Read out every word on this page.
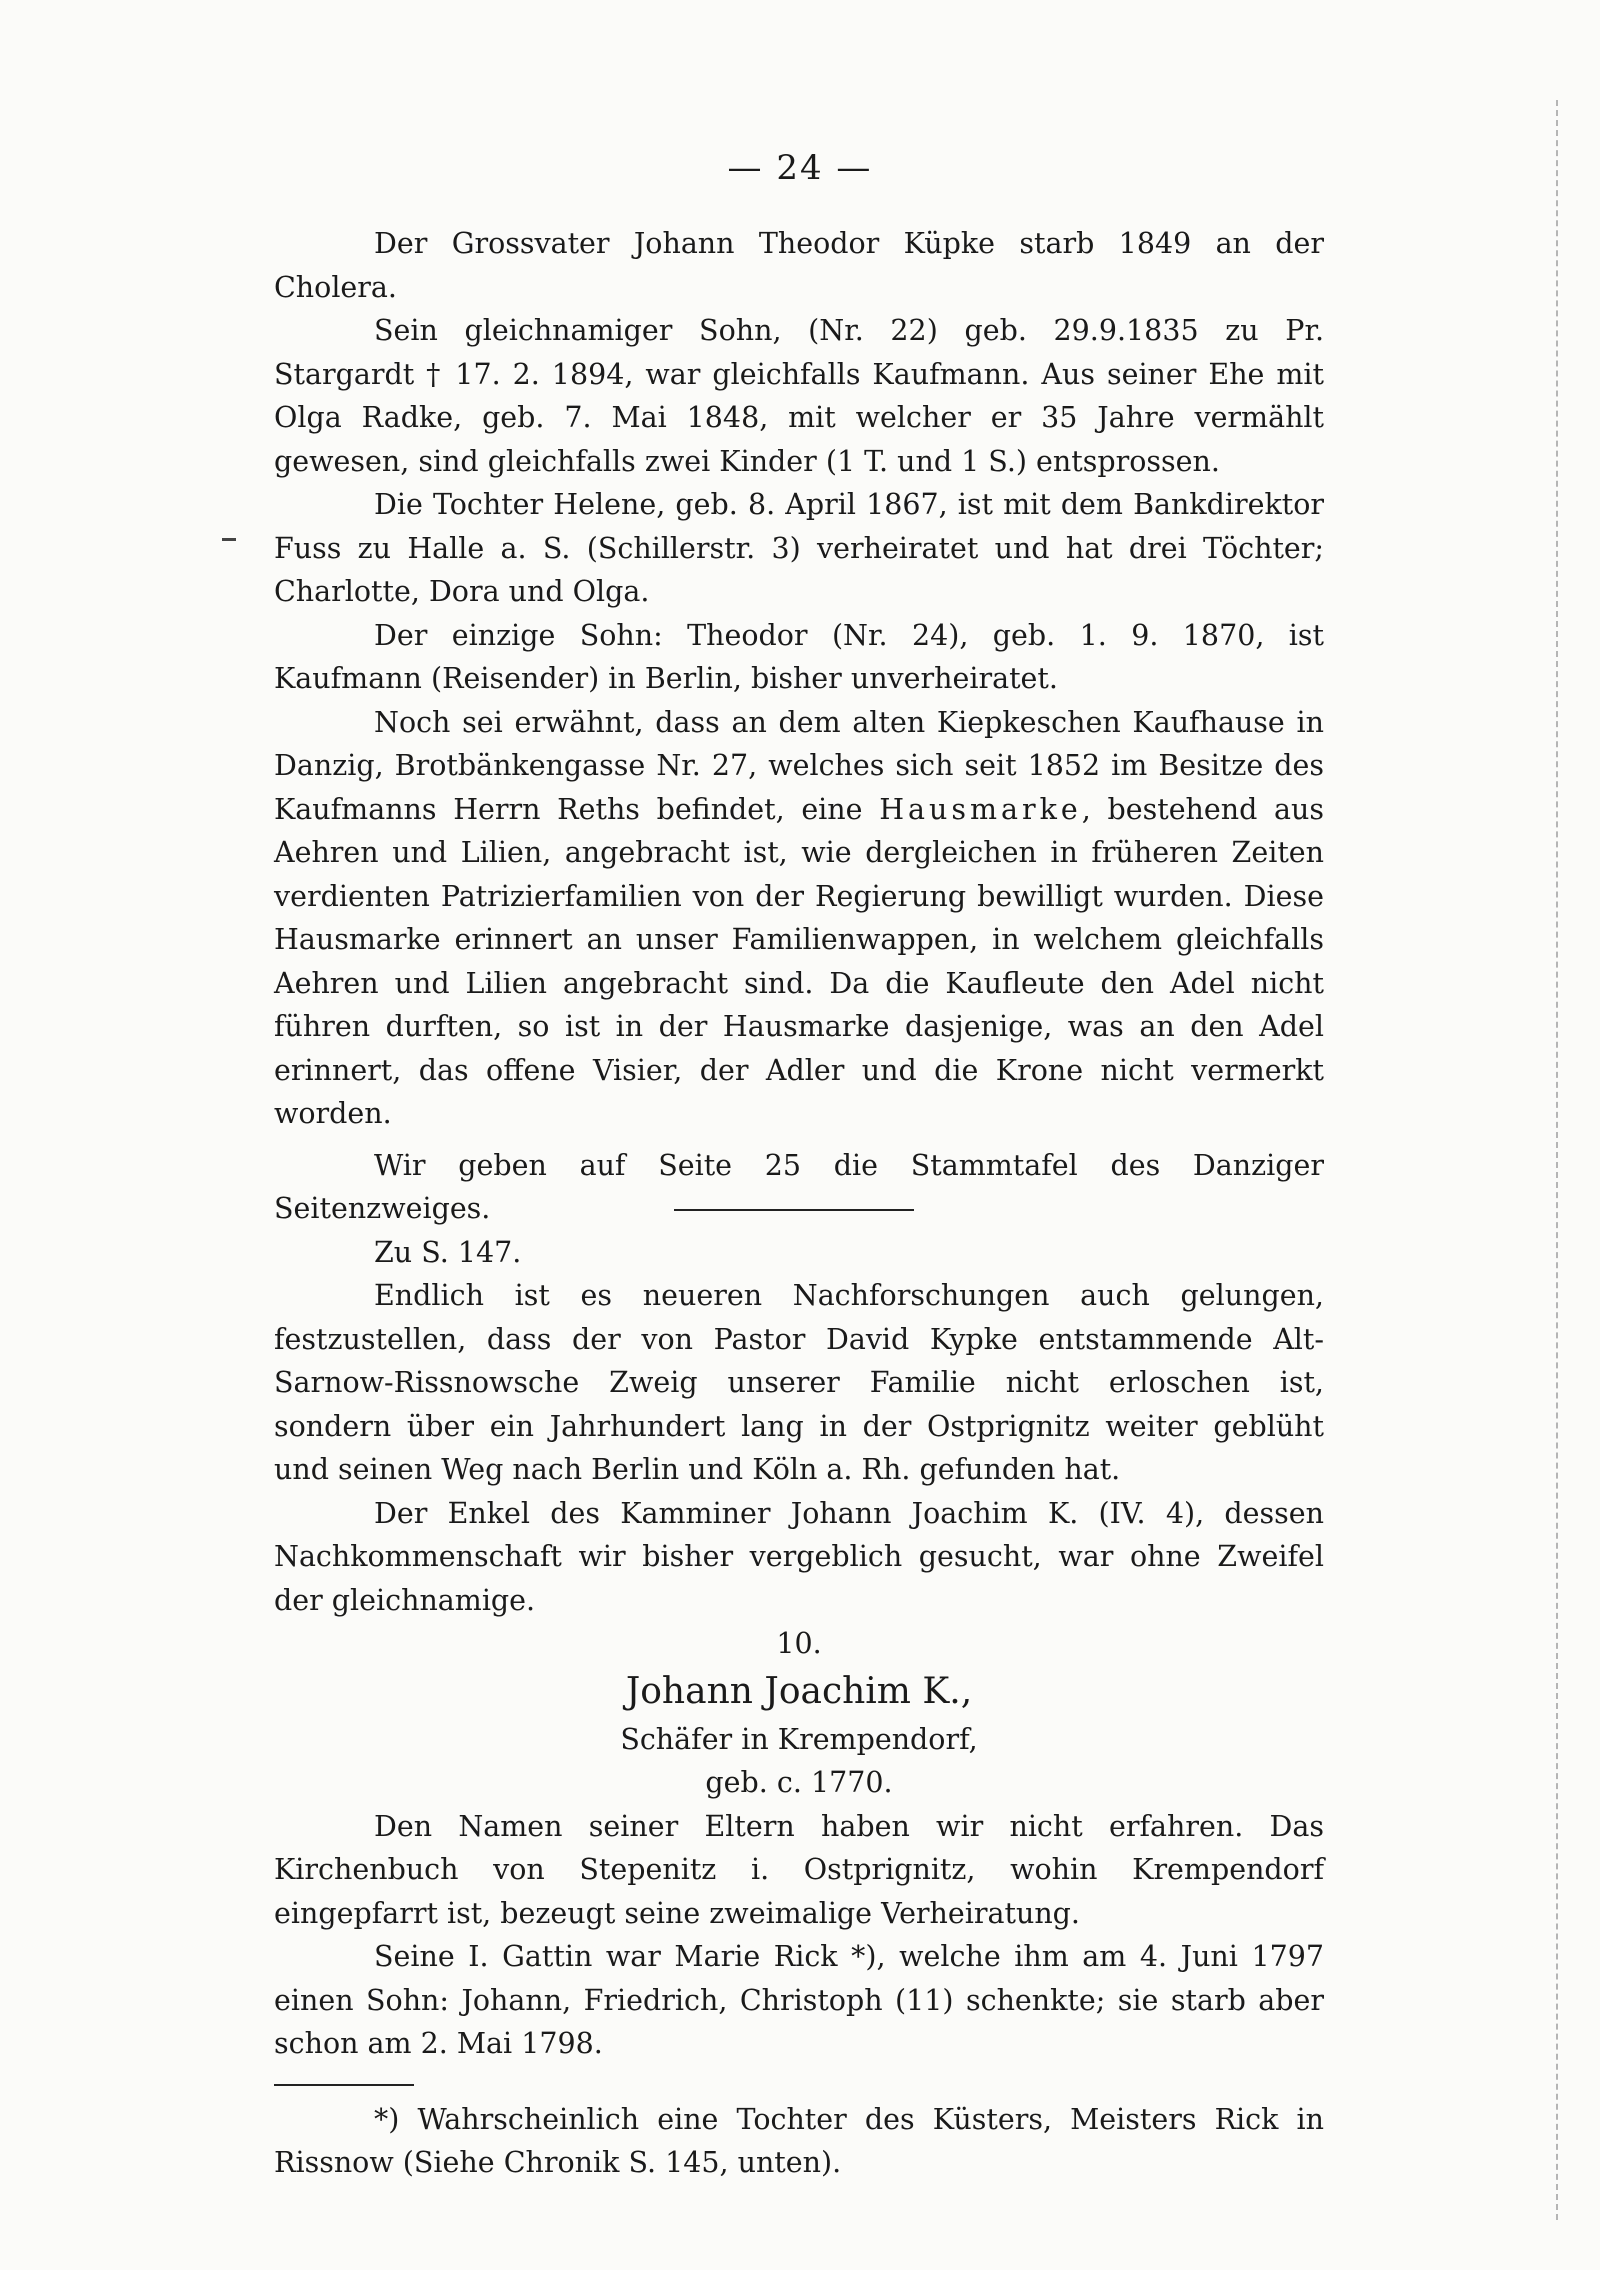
— 24 —

Der Grossvater Johann Theodor Küpke starb 1849 an der Cholera.

Sein gleichnamiger Sohn, (Nr. 22) geb. 29.9.1835 zu Pr. Stargardt † 17. 2. 1894, war gleichfalls Kaufmann. Aus seiner Ehe mit Olga Radke, geb. 7. Mai 1848, mit welcher er 35 Jahre vermählt gewesen, sind gleichfalls zwei Kinder (1 T. und 1 S.) entsprossen.

Die Tochter Helene, geb. 8. April 1867, ist mit dem Bankdirektor Fuss zu Halle a. S. (Schillerstr. 3) verheiratet und hat drei Töchter; Charlotte, Dora und Olga.

Der einzige Sohn: Theodor (Nr. 24), geb. 1. 9. 1870, ist Kaufmann (Reisender) in Berlin, bisher unverheiratet.

Noch sei erwähnt, dass an dem alten Kiepkeschen Kaufhause in Danzig, Brotbänkengasse Nr. 27, welches sich seit 1852 im Besitze des Kaufmanns Herrn Reths befindet, eine Hausmarke, bestehend aus Aehren und Lilien, angebracht ist, wie dergleichen in früheren Zeiten verdienten Patrizierfamilien von der Regierung bewilligt wurden. Diese Hausmarke erinnert an unser Familienwappen, in welchem gleichfalls Aehren und Lilien angebracht sind. Da die Kaufleute den Adel nicht führen durften, so ist in der Hausmarke dasjenige, was an den Adel erinnert, das offene Visier, der Adler und die Krone nicht vermerkt worden.

Wir geben auf Seite 25 die Stammtafel des Danziger Seitenzweiges.

Zu S. 147.

Endlich ist es neueren Nachforschungen auch gelungen, festzustellen, dass der von Pastor David Kypke entstammende Alt-Sarnow-Rissnowsche Zweig unserer Familie nicht erloschen ist, sondern über ein Jahrhundert lang in der Ostprignitz weiter geblüht und seinen Weg nach Berlin und Köln a. Rh. gefunden hat.

Der Enkel des Kamminer Johann Joachim K. (IV. 4), dessen Nachkommenschaft wir bisher vergeblich gesucht, war ohne Zweifel der gleichnamige.

10.

Johann Joachim K.,

Schäfer in Krempendorf,

geb. c. 1770.

Den Namen seiner Eltern haben wir nicht erfahren. Das Kirchenbuch von Stepenitz i. Ostprignitz, wohin Krempendorf eingepfarrt ist, bezeugt seine zweimalige Verheiratung.

Seine I. Gattin war Marie Rick *), welche ihm am 4. Juni 1797 einen Sohn: Johann, Friedrich, Christoph (11) schenkte; sie starb aber schon am 2. Mai 1798.

*) Wahrscheinlich eine Tochter des Küsters, Meisters Rick in Rissnow (Siehe Chronik S. 145, unten).
